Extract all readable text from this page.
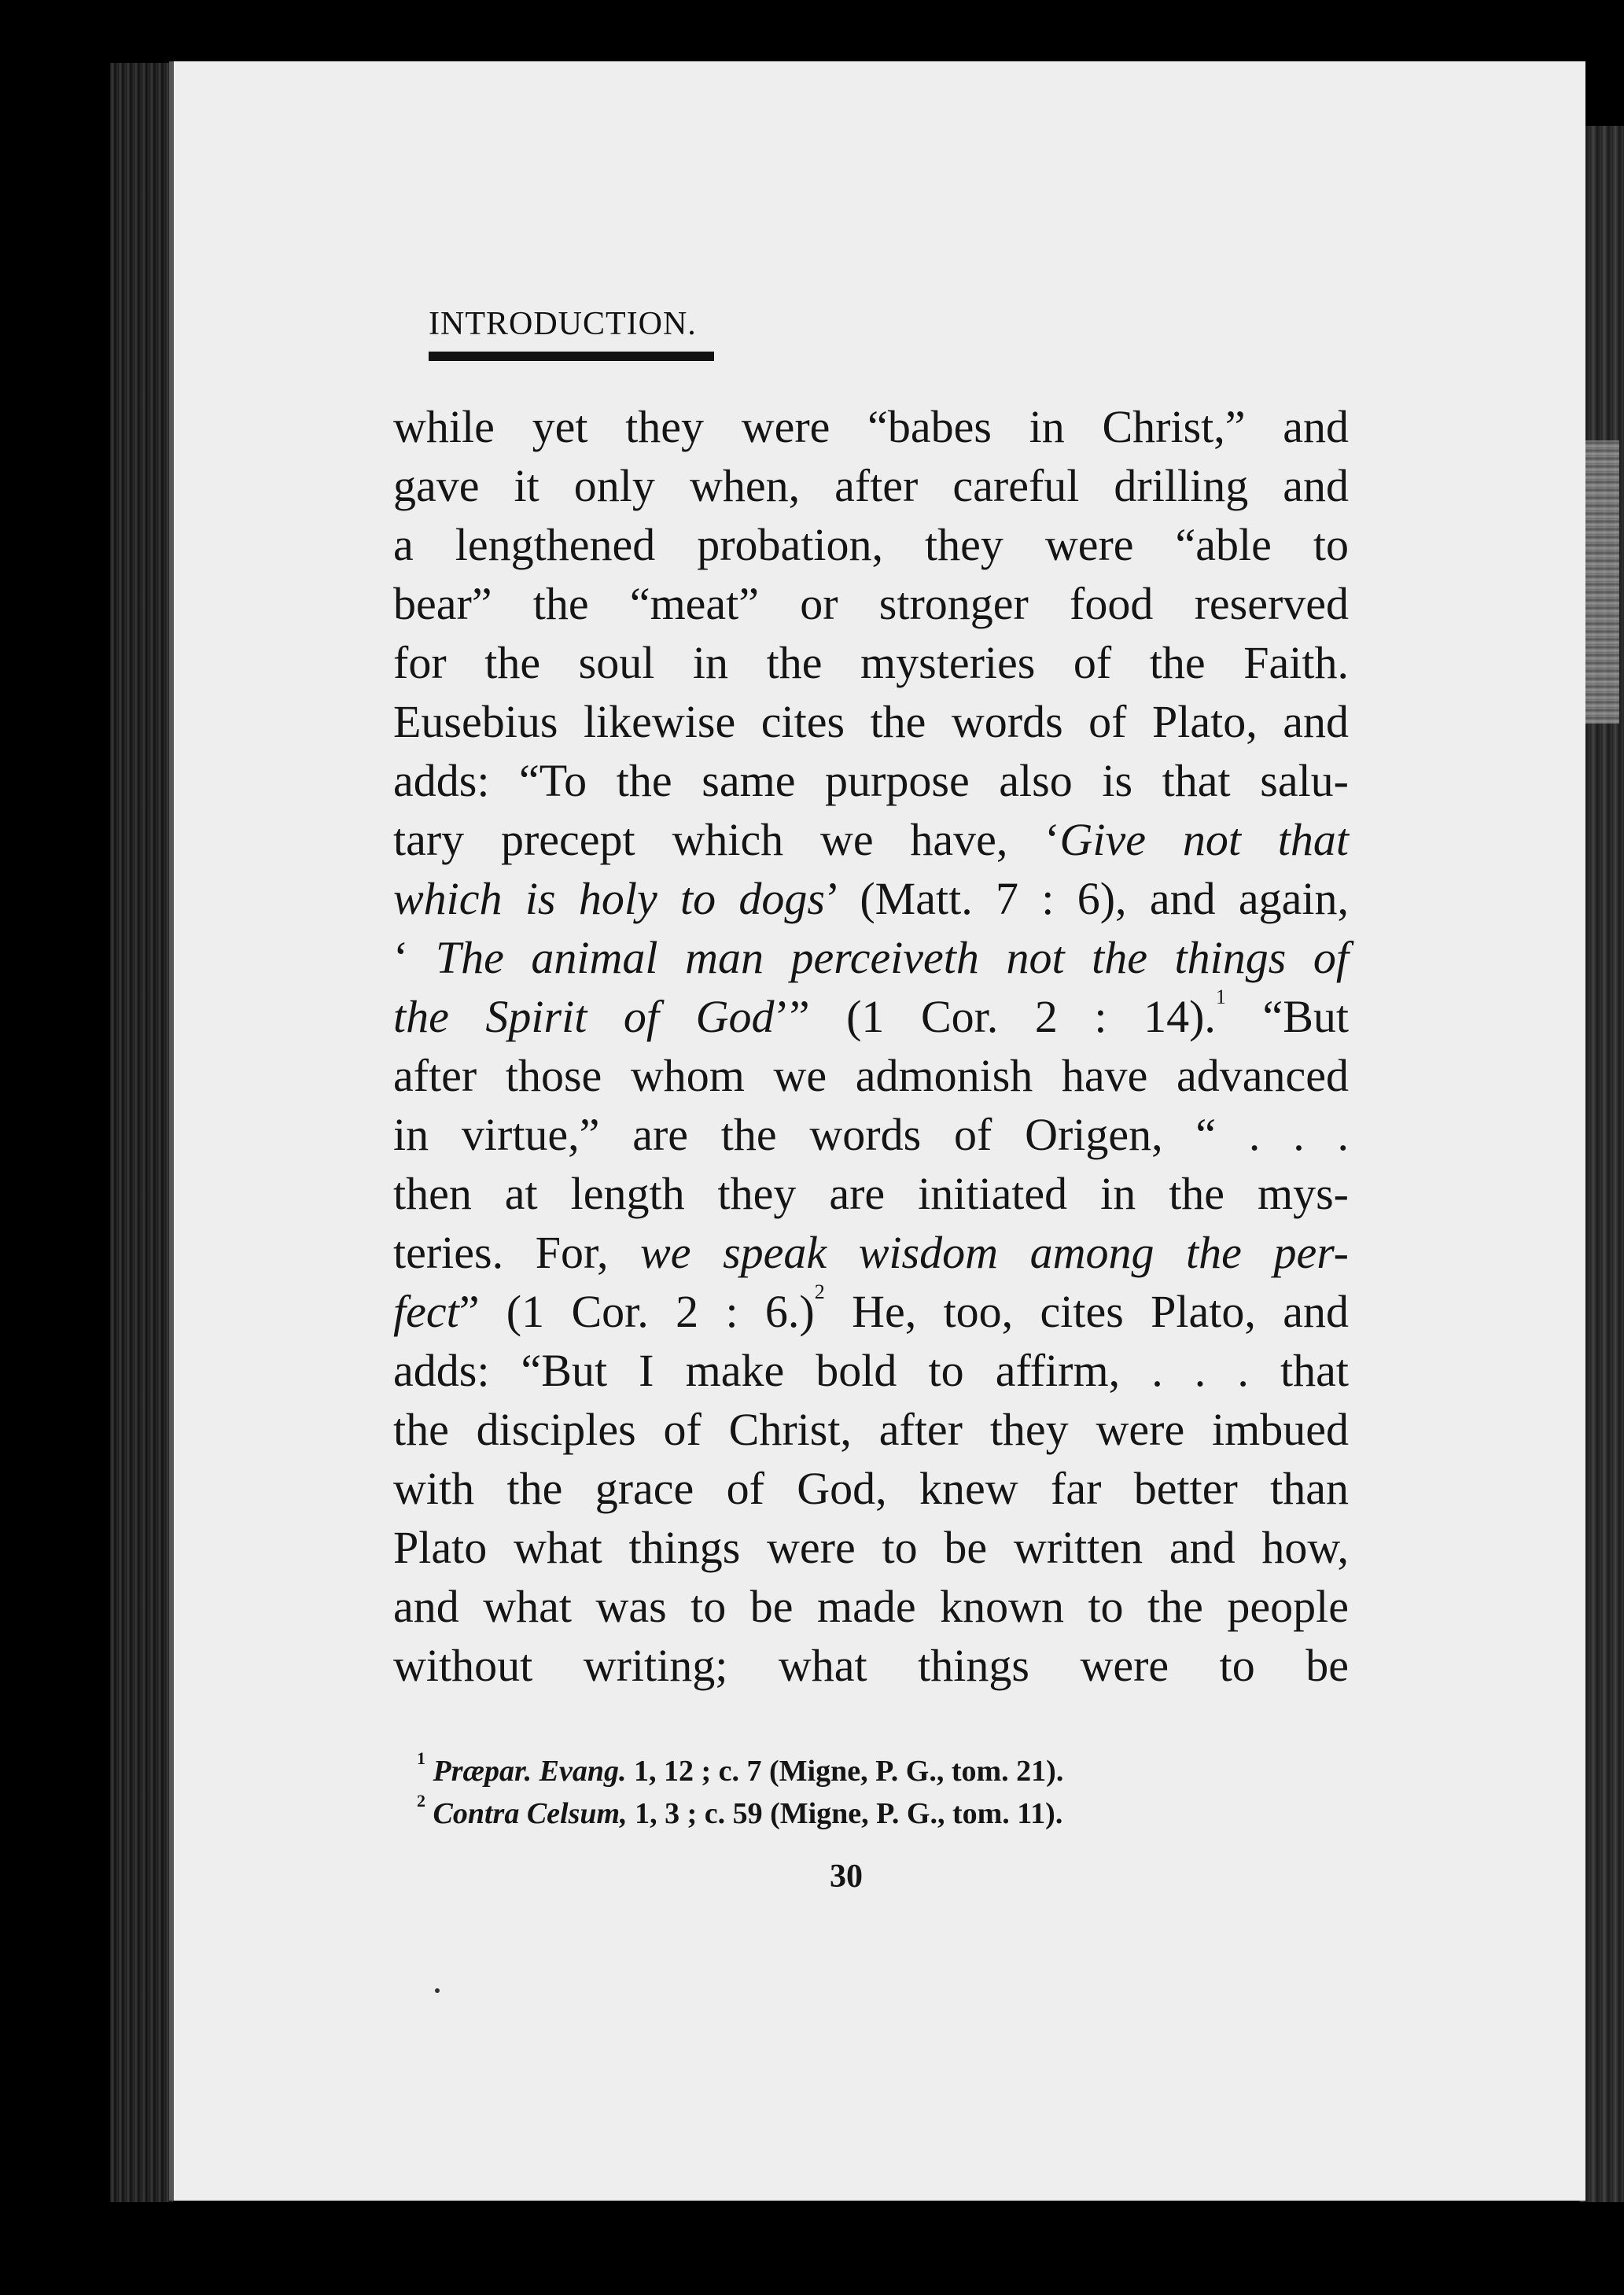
INTRODUCTION.
while yet they were “babes in Christ,” and
gave it only when, after careful drilling and
a lengthened probation, they were “able to
bear” the “meat” or stronger food reserved
for the soul in the mysteries of the Faith.
Eusebius likewise cites the words of Plato, and
adds: “To the same purpose also is that salu-
tary precept which we have, ‘Give not that
which is holy to dogs’ (Matt. 7 : 6), and again,
‘ The animal man perceiveth not the things of
the Spirit of God’” (1 Cor. 2 : 14).$^1$ “But
after those whom we admonish have advanced
in virtue,” are the words of Origen, “ . . .
then at length they are initiated in the mys-
teries. For, we speak wisdom among the per-
fect” (1 Cor. 2 : 6.)$^2$ He, too, cites Plato, and
adds: “But I make bold to affirm, . . . that
the disciples of Christ, after they were imbued
with the grace of God, knew far better than
Plato what things were to be written and how,
and what was to be made known to the people
without writing; what things were to be
$^1$ Præpar. Evang. 1, 12 ; c. 7 (Migne, P. G., tom. 21).
$^2$ Contra Celsum, 1, 3 ; c. 59 (Migne, P. G., tom. 11).
30
